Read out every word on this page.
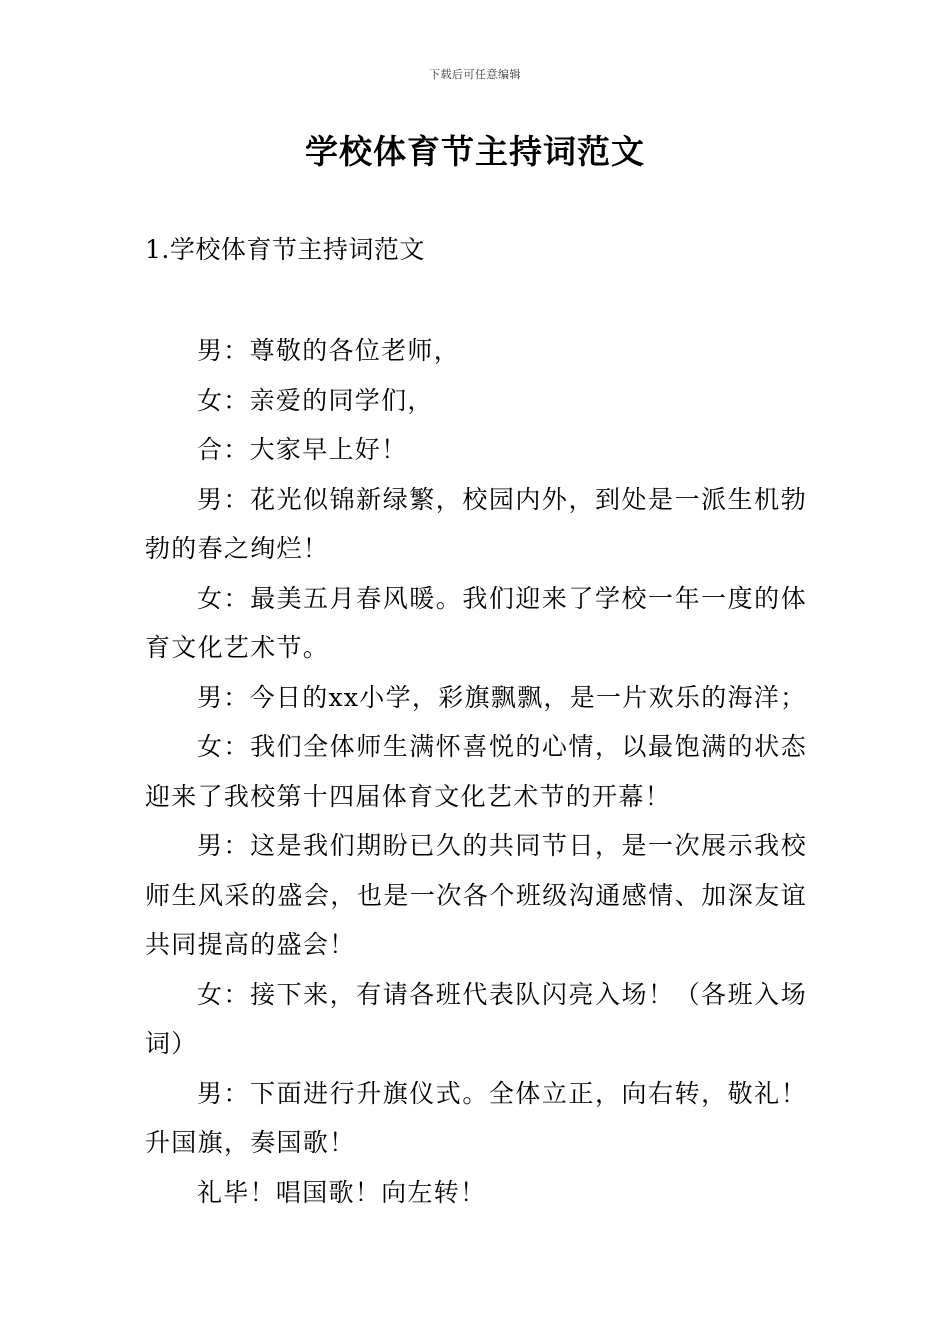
下载后可任意编辑
学校体育节主持词范文
1.学校体育节主持词范文

男：尊敬的各位老师，

女：亲爱的同学们，

合：大家早上好！

男：花光似锦新绿繁，校园内外，到处是一派生机勃勃的春之绚烂！

女：最美五月春风暖。我们迎来了学校一年一度的体育文化艺术节。

男：今日的xx小学，彩旗飘飘，是一片欢乐的海洋；

女：我们全体师生满怀喜悦的心情，以最饱满的状态迎来了我校第十四届体育文化艺术节的开幕！

男：这是我们期盼已久的共同节日，是一次展示我校师生风采的盛会，也是一次各个班级沟通感情、加深友谊共同提高的盛会！

女：接下来，有请各班代表队闪亮入场！（各班入场词）

男：下面进行升旗仪式。全体立正，向右转，敬礼！升国旗，奏国歌！

礼毕！唱国歌！向左转！
